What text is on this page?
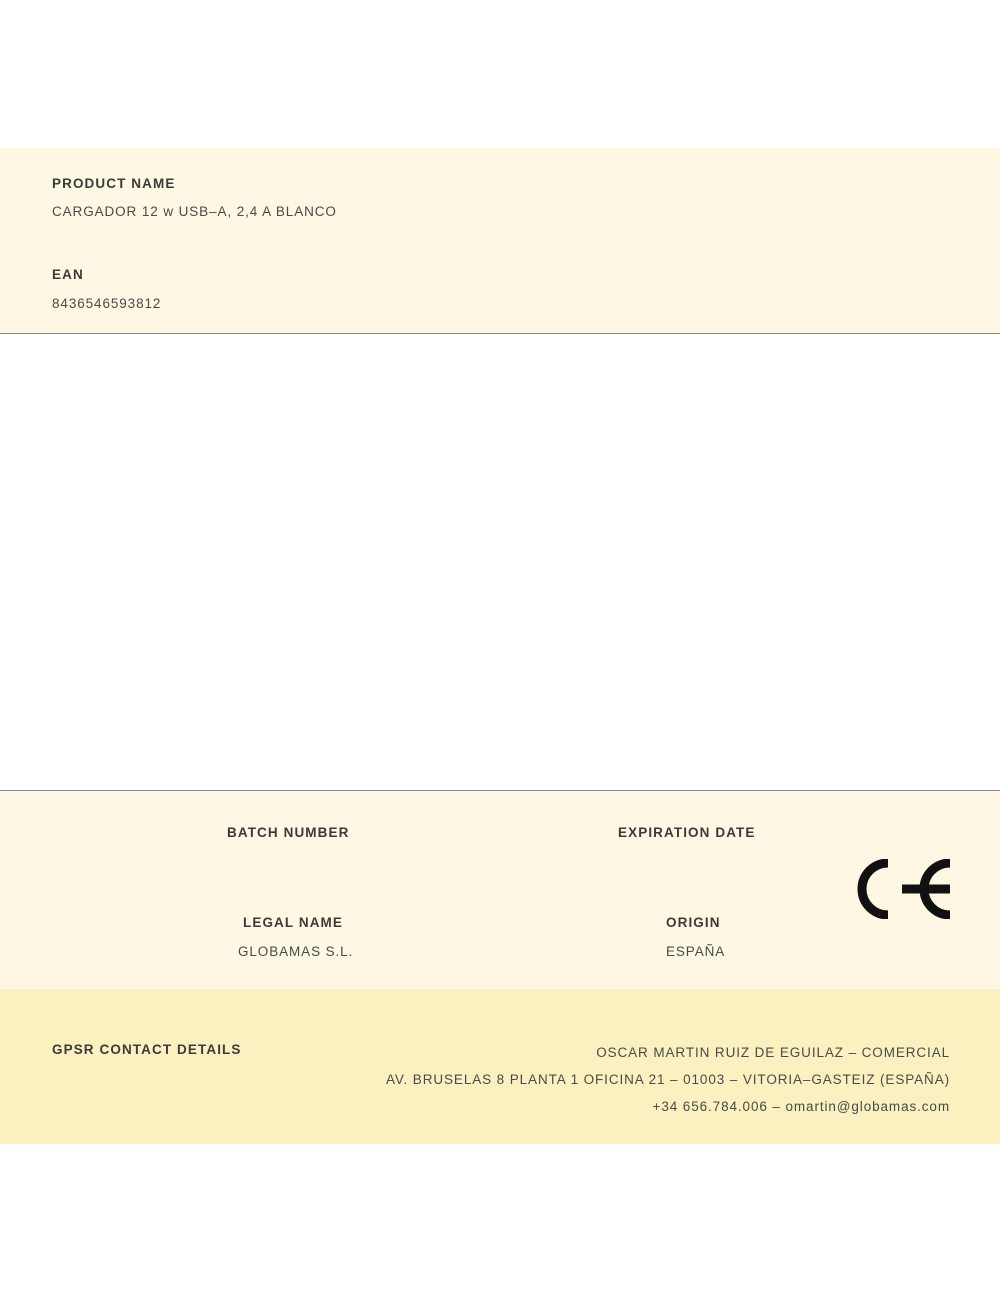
PRODUCT NAME
CARGADOR 12 w USB–A, 2,4 A BLANCO
EAN
8436546593812
BATCH NUMBER	EXPIRATION DATE
LEGAL NAME
GLOBAMAS S.L.
ORIGIN
ESPAÑA
GPSR CONTACT DETAILS	OSCAR MARTIN RUIZ DE EGUILAZ – COMERCIAL
AV. BRUSELAS 8 PLANTA 1 OFICINA 21 – 01003 – VITORIA–GASTEIZ (ESPAÑA)
+34 656.784.006 – omartin@globamas.com
